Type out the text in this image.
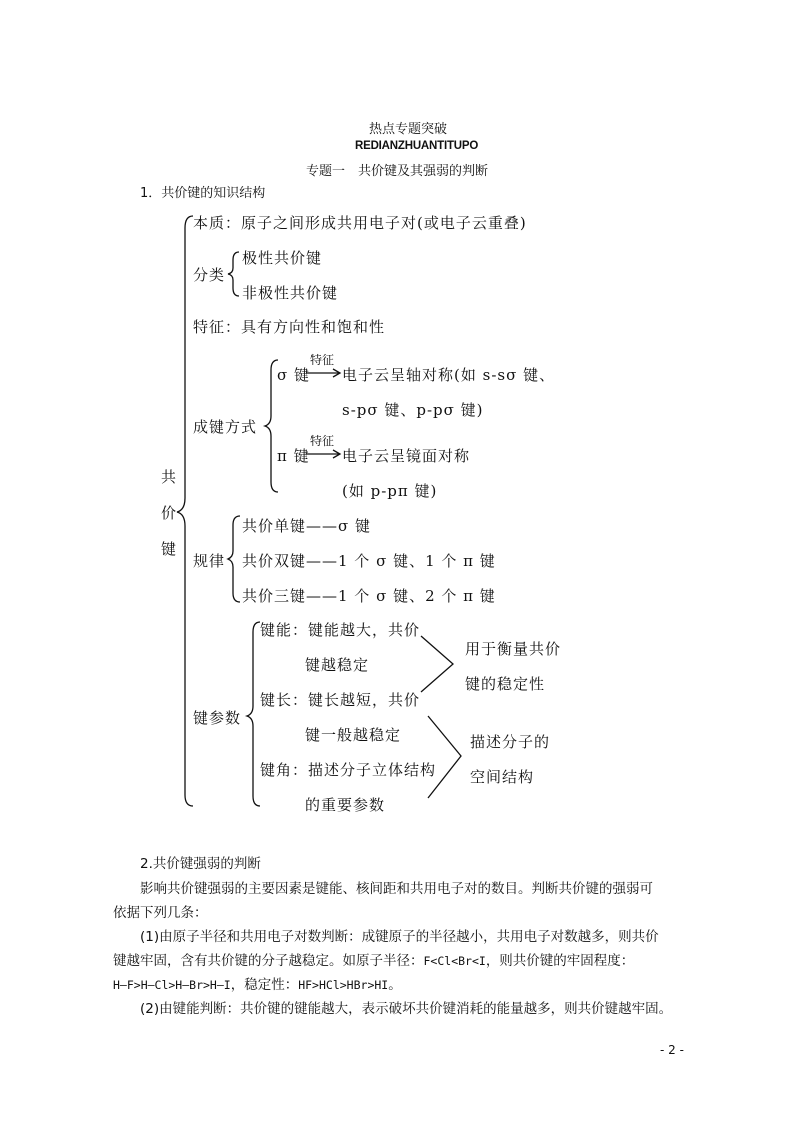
热点专题突破
REDIANZHUANTITUPO
专题一　共价键及其强弱的判断
1．共价键的知识结构
共
价
键
本质：原子之间形成共用电子对(或电子云重叠)
分类
极性共价键
非极性共价键
特征：具有方向性和饱和性
成键方式
σ 键
特征
电子云呈轴对称(如 s-sσ 键、
s-pσ 键、p-pσ 键)
π 键
特征
电子云呈镜面对称
(如 p-pπ 键)
规律
共价单键——σ 键
共价双键——1 个 σ 键、1 个 π 键
共价三键——1 个 σ 键、2 个 π 键
键参数
键能：键能越大，共价
键越稳定
键长：键长越短，共价
键一般越稳定
键角：描述分子立体结构
的重要参数
用于衡量共价
键的稳定性
描述分子的
空间结构
2.共价键强弱的判断
影响共价键强弱的主要因素是键能、核间距和共用电子对的数目。判断共价键的强弱可
依据下列几条：
(1)由原子半径和共用电子对数判断：成键原子的半径越小，共用电子对数越多，则共价
键越牢固，含有共价键的分子越稳定。如原子半径：F<Cl<Br<I，则共价键的牢固程度：
H—F>H—Cl>H—Br>H—I，稳定性：HF>HCl>HBr>HI。
(2)由键能判断：共价键的键能越大，表示破坏共价键消耗的能量越多，则共价键越牢固。
- 2 -
